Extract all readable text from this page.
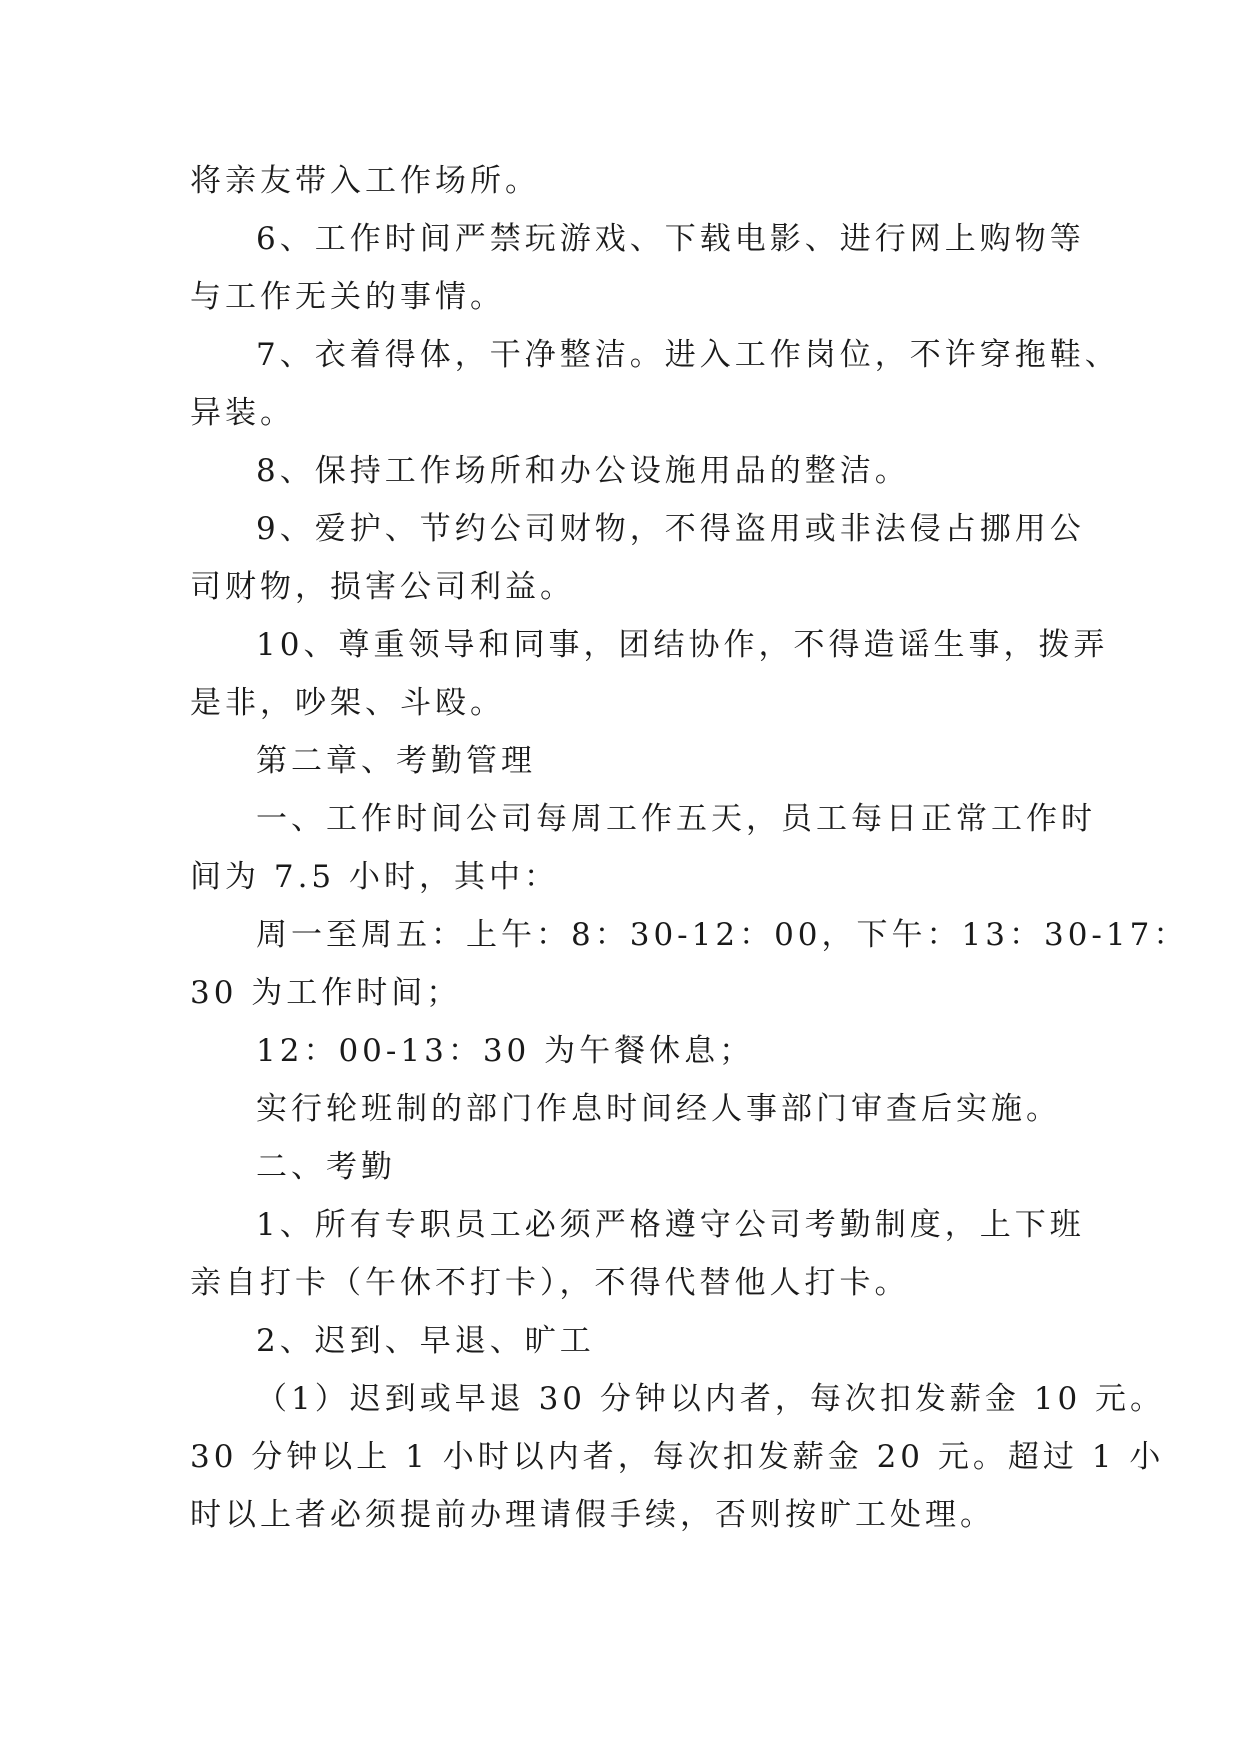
将亲友带入工作场所。

6、工作时间严禁玩游戏、下载电影、进行网上购物等

与工作无关的事情。

7、衣着得体，干净整洁。进入工作岗位，不许穿拖鞋、

异装。

8、保持工作场所和办公设施用品的整洁。

9、爱护、节约公司财物，不得盗用或非法侵占挪用公

司财物，损害公司利益。

10、尊重领导和同事，团结协作，不得造谣生事，拨弄

是非，吵架、斗殴。

第二章、考勤管理

一、工作时间公司每周工作五天，员工每日正常工作时

间为 7.5 小时，其中：

周一至周五：上午：8：30-12：00，下午：13：30-17：

30 为工作时间；

12：00-13：30 为午餐休息；

实行轮班制的部门作息时间经人事部门审查后实施。

二、考勤

1、所有专职员工必须严格遵守公司考勤制度，上下班

亲自打卡（午休不打卡），不得代替他人打卡。

2、迟到、早退、旷工

（1）迟到或早退 30 分钟以内者，每次扣发薪金 10 元。

30 分钟以上 1 小时以内者，每次扣发薪金 20 元。超过 1 小

时以上者必须提前办理请假手续，否则按旷工处理。
